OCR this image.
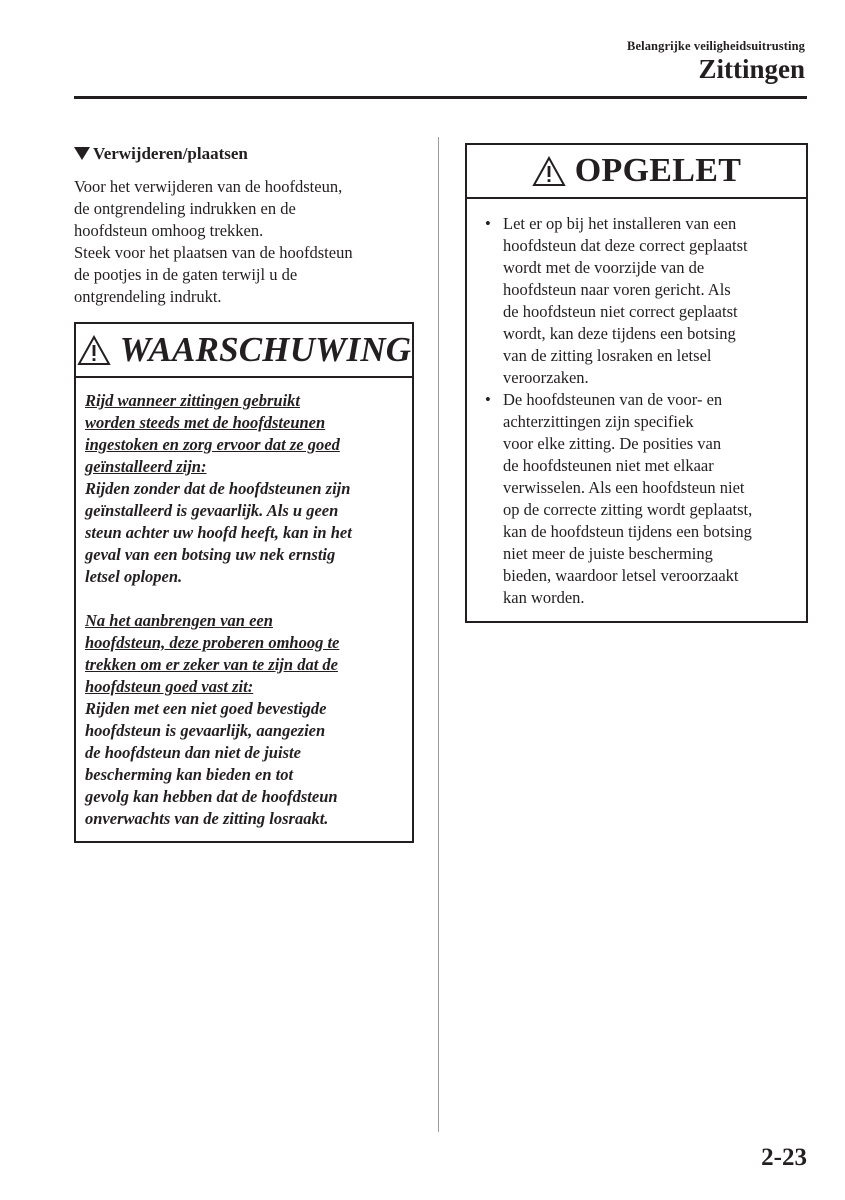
Belangrijke veiligheidsuitrusting
Zittingen
Verwijderen/plaatsen
Voor het verwijderen van de hoofdsteun,
de ontgrendeling indrukken en de
hoofdsteun omhoog trekken.
Steek voor het plaatsen van de hoofdsteun
de pootjes in de gaten terwijl u de
ontgrendeling indrukt.
WAARSCHUWING

Rijd wanneer zittingen gebruikt

worden steeds met de hoofdsteunen

ingestoken en zorg ervoor dat ze goed

geïnstalleerd zijn:

Rijden zonder dat de hoofdsteunen zijn

geïnstalleerd is gevaarlijk. Als u geen

steun achter uw hoofd heeft, kan in het

geval van een botsing uw nek ernstig

letsel oplopen.

Na het aanbrengen van een

hoofdsteun, deze proberen omhoog te

trekken om er zeker van te zijn dat de

hoofdsteun goed vast zit:

Rijden met een niet goed bevestigde

hoofdsteun is gevaarlijk, aangezien

de hoofdsteun dan niet de juiste

bescherming kan bieden en tot

gevolg kan hebben dat de hoofdsteun

onverwachts van de zitting losraakt.

OPGELET
• Let er op bij het installeren van een

hoofdsteun dat deze correct geplaatst

wordt met de voorzijde van de

hoofdsteun naar voren gericht. Als

de hoofdsteun niet correct geplaatst

wordt, kan deze tijdens een botsing

van de zitting losraken en letsel

veroorzaken.

• De hoofdsteunen van de voor- en

achterzittingen zijn specifiek

voor elke zitting. De posities van

de hoofdsteunen niet met elkaar

verwisselen. Als een hoofdsteun niet

op de correcte zitting wordt geplaatst,

kan de hoofdsteun tijdens een botsing

niet meer de juiste bescherming

bieden, waardoor letsel veroorzaakt

kan worden.

2-23
